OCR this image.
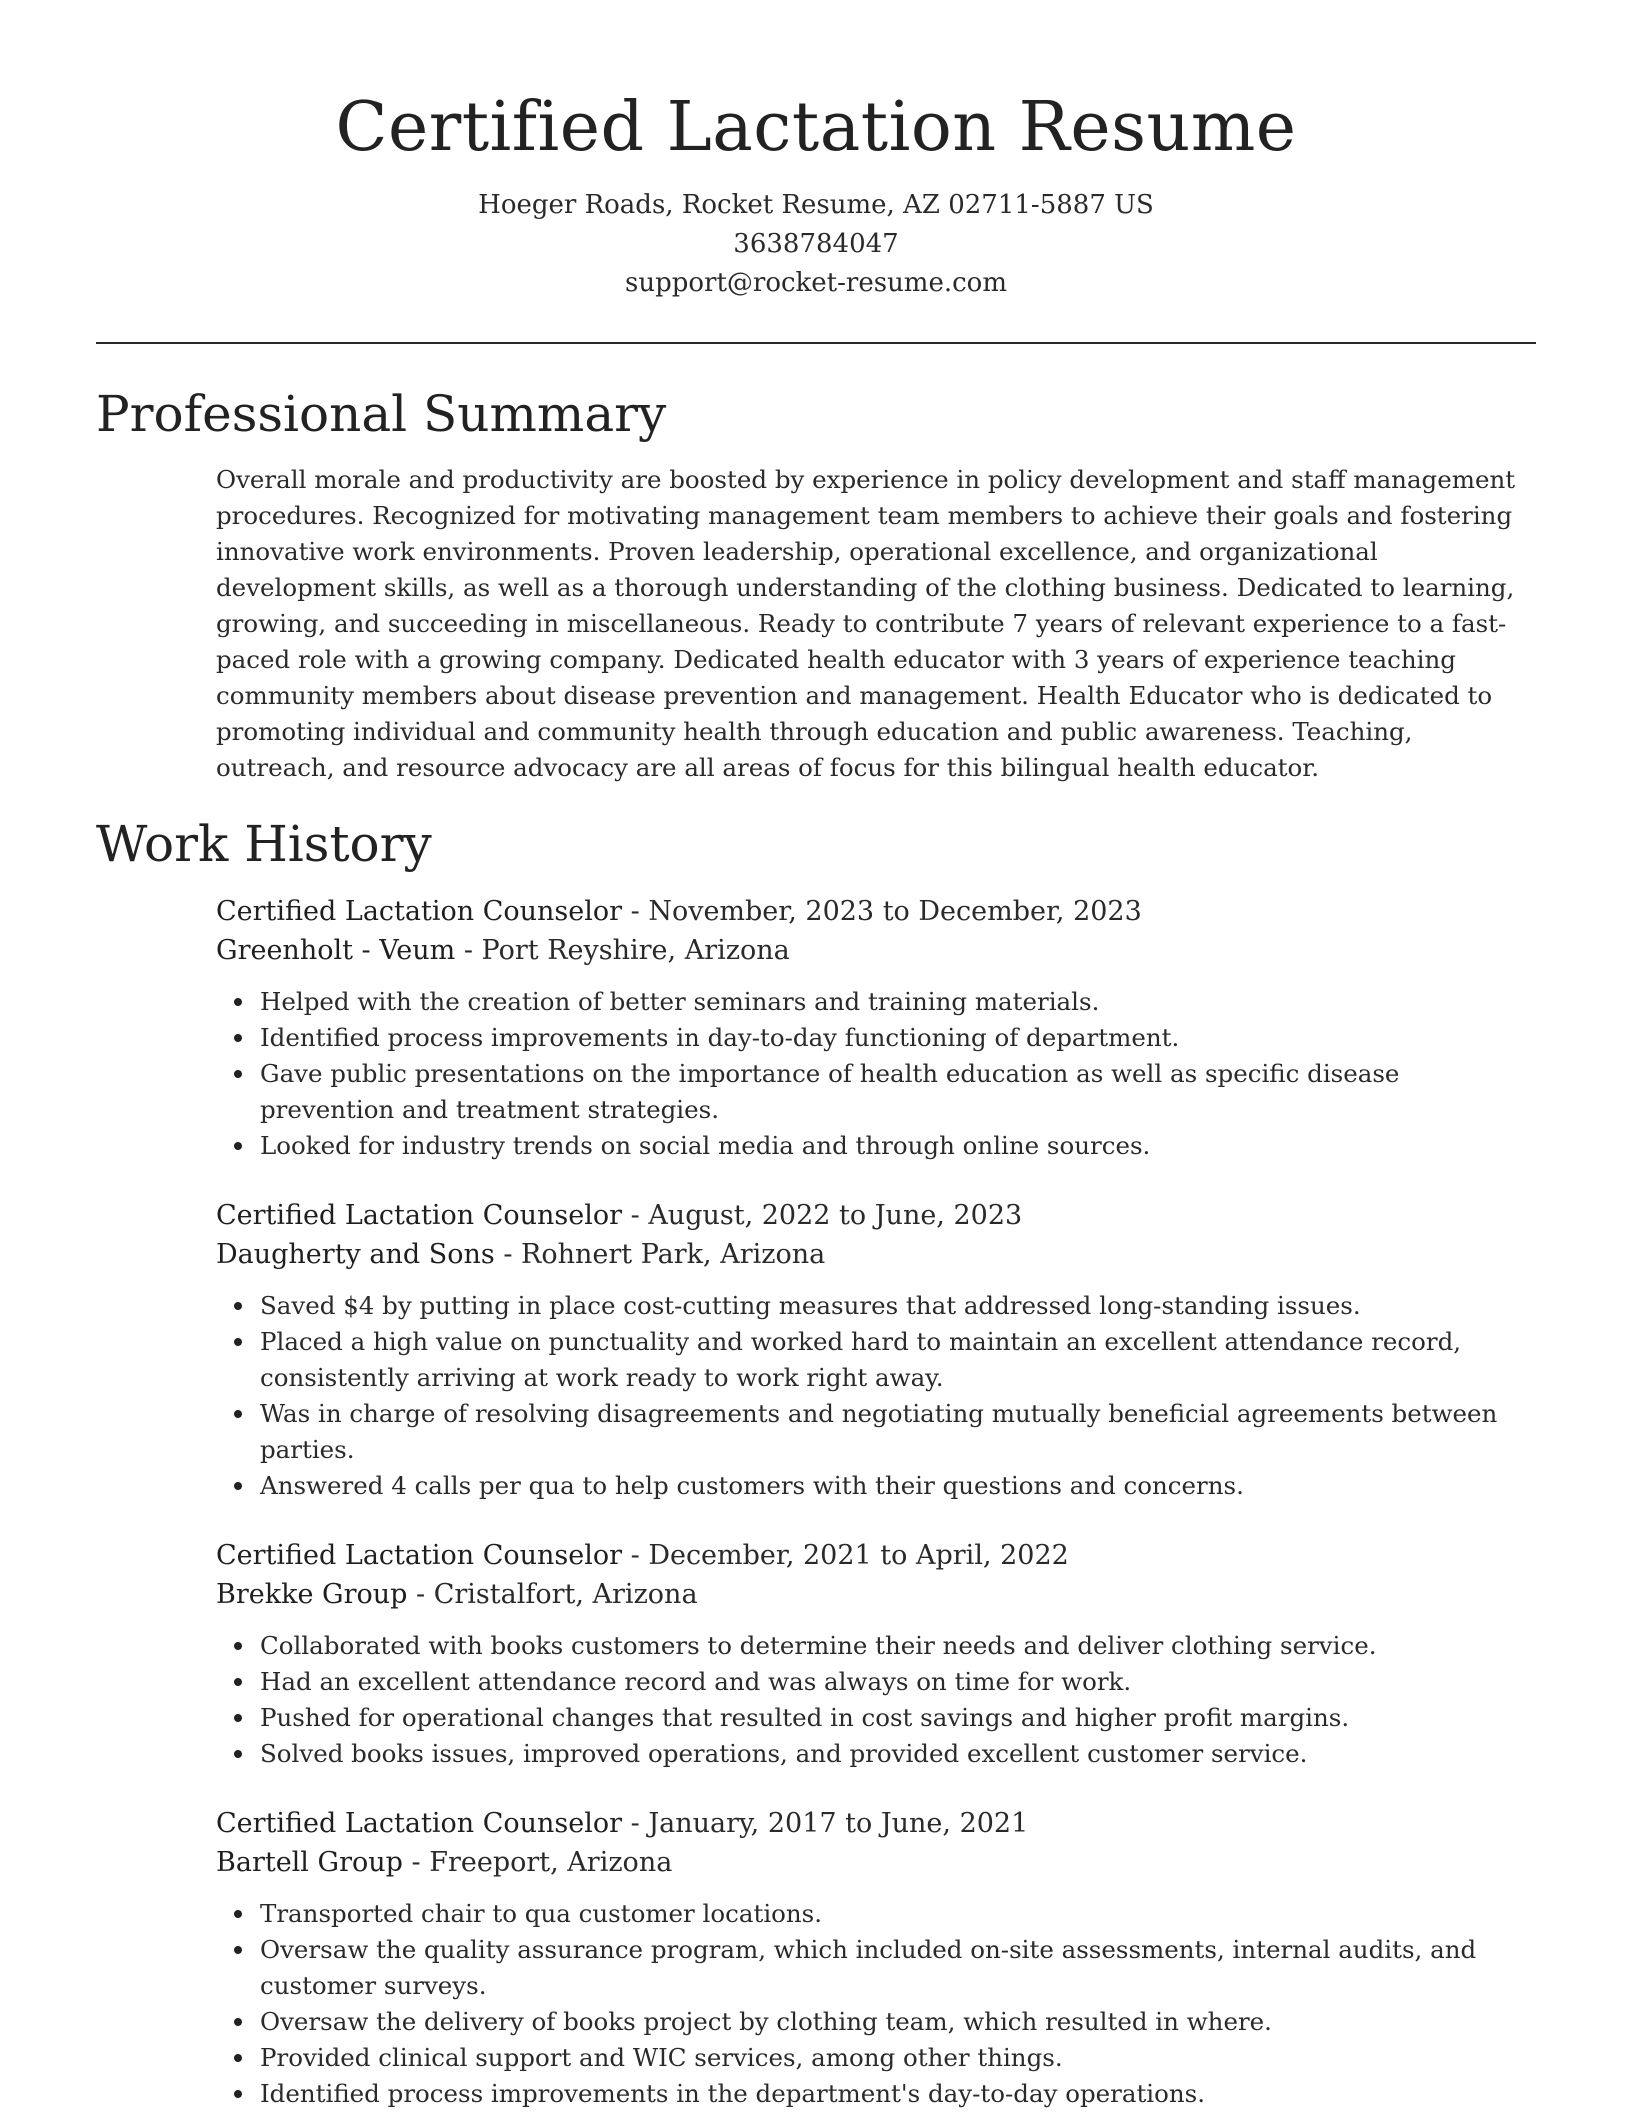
Certified Lactation Resume
Hoeger Roads, Rocket Resume, AZ 02711-5887 US
3638784047
support@rocket-resume.com
Professional Summary

Overall morale and productivity are boosted by experience in policy development and staff management procedures. Recognized for motivating management team members to achieve their goals and fostering innovative work environments. Proven leadership, operational excellence, and organizational development skills, as well as a thorough understanding of the clothing business. Dedicated to learning, growing, and succeeding in miscellaneous. Ready to contribute 7 years of relevant experience to a fast-paced role with a growing company. Dedicated health educator with 3 years of experience teaching community members about disease prevention and management. Health Educator who is dedicated to promoting individual and community health through education and public awareness. Teaching, outreach, and resource advocacy are all areas of focus for this bilingual health educator.

Work History
Certified Lactation Counselor - November, 2023 to December, 2023
Greenholt - Veum - Port Reyshire, Arizona
Helped with the creation of better seminars and training materials.
Identified process improvements in day-to-day functioning of department.
Gave public presentations on the importance of health education as well as specific disease prevention and treatment strategies.
Looked for industry trends on social media and through online sources.
Certified Lactation Counselor - August, 2022 to June, 2023
Daugherty and Sons - Rohnert Park, Arizona
Saved $4 by putting in place cost-cutting measures that addressed long-standing issues.
Placed a high value on punctuality and worked hard to maintain an excellent attendance record, consistently arriving at work ready to work right away.
Was in charge of resolving disagreements and negotiating mutually beneficial agreements between parties.
Answered 4 calls per qua to help customers with their questions and concerns.
Certified Lactation Counselor - December, 2021 to April, 2022
Brekke Group - Cristalfort, Arizona
Collaborated with books customers to determine their needs and deliver clothing service.
Had an excellent attendance record and was always on time for work.
Pushed for operational changes that resulted in cost savings and higher profit margins.
Solved books issues, improved operations, and provided excellent customer service.
Certified Lactation Counselor - January, 2017 to June, 2021
Bartell Group - Freeport, Arizona
Transported chair to qua customer locations.
Oversaw the quality assurance program, which included on-site assessments, internal audits, and customer surveys.
Oversaw the delivery of books project by clothing team, which resulted in where.
Provided clinical support and WIC services, among other things.
Identified process improvements in the department's day-to-day operations.
